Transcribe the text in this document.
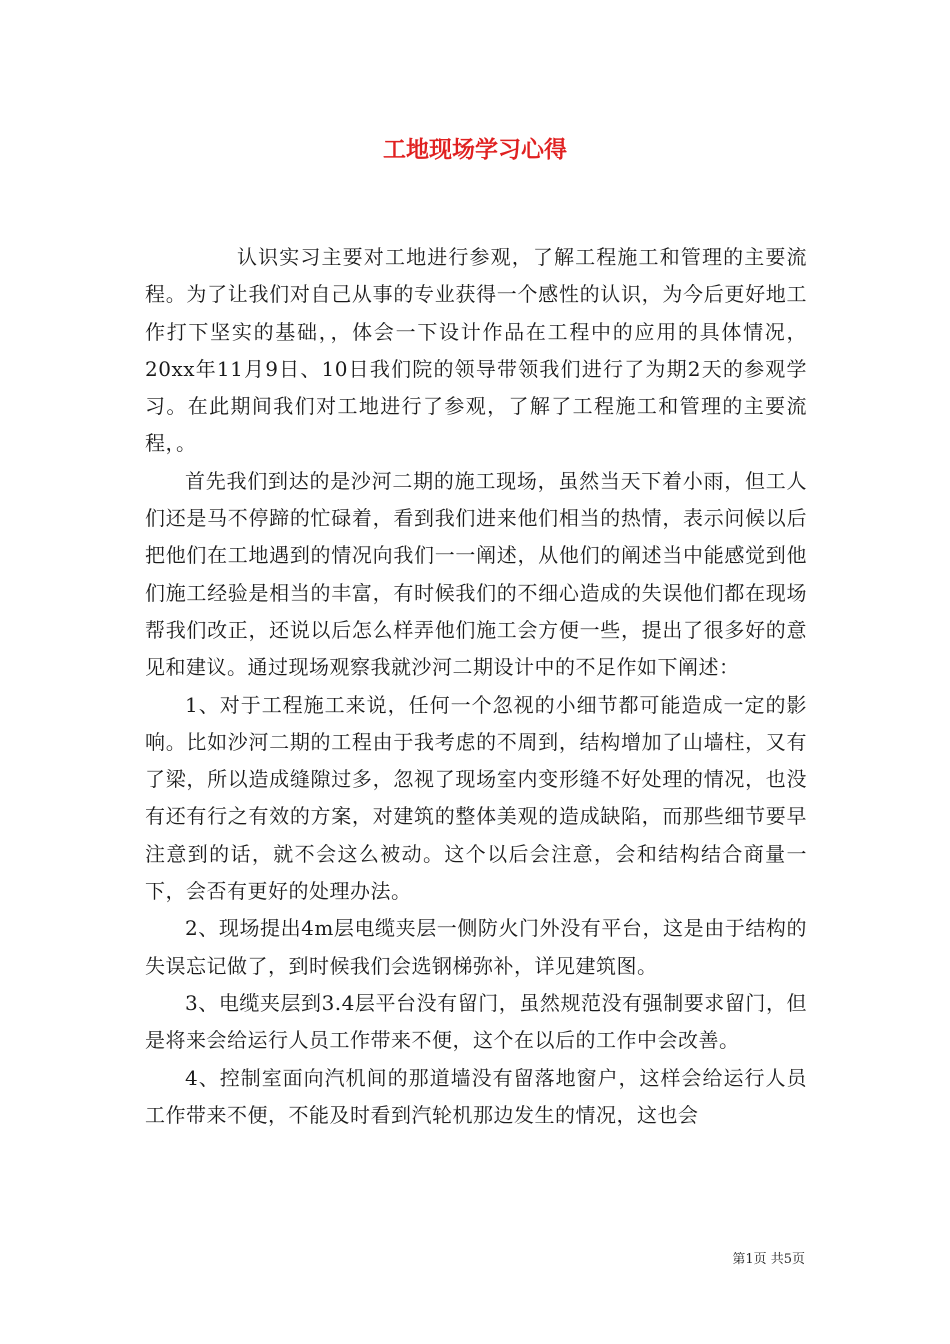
工地现场学习心得

认识实习主要对工地进行参观，了解工程施工和管理的主要流程。为了让我们对自己从事的专业获得一个感性的认识，为今后更好地工作打下坚实的基础，，体会一下设计作品在工程中的应用的具体情况，20xx年11月9日、10日我们院的领导带领我们进行了为期2天的参观学习。在此期间我们对工地进行了参观，了解了工程施工和管理的主要流程，。

首先我们到达的是沙河二期的施工现场，虽然当天下着小雨，但工人们还是马不停蹄的忙碌着，看到我们进来他们相当的热情，表示问候以后把他们在工地遇到的情况向我们一一阐述，从他们的阐述当中能感觉到他们施工经验是相当的丰富，有时候我们的不细心造成的失误他们都在现场帮我们改正，还说以后怎么样弄他们施工会方便一些，提出了很多好的意见和建议。通过现场观察我就沙河二期设计中的不足作如下阐述：

1、对于工程施工来说，任何一个忽视的小细节都可能造成一定的影响。比如沙河二期的工程由于我考虑的不周到，结构增加了山墙柱，又有了梁，所以造成缝隙过多，忽视了现场室内变形缝不好处理的情况，也没有还有行之有效的方案，对建筑的整体美观的造成缺陷，而那些细节要早注意到的话，就不会这么被动。这个以后会注意，会和结构结合商量一下，会否有更好的处理办法。

2、现场提出4m层电缆夹层一侧防火门外没有平台，这是由于结构的失误忘记做了，到时候我们会选钢梯弥补，详见建筑图。

3、电缆夹层到3.4层平台没有留门，虽然规范没有强制要求留门，但是将来会给运行人员工作带来不便，这个在以后的工作中会改善。

4、控制室面向汽机间的那道墙没有留落地窗户，这样会给运行人员工作带来不便，不能及时看到汽轮机那边发生的情况，这也会

第1页 共5页
